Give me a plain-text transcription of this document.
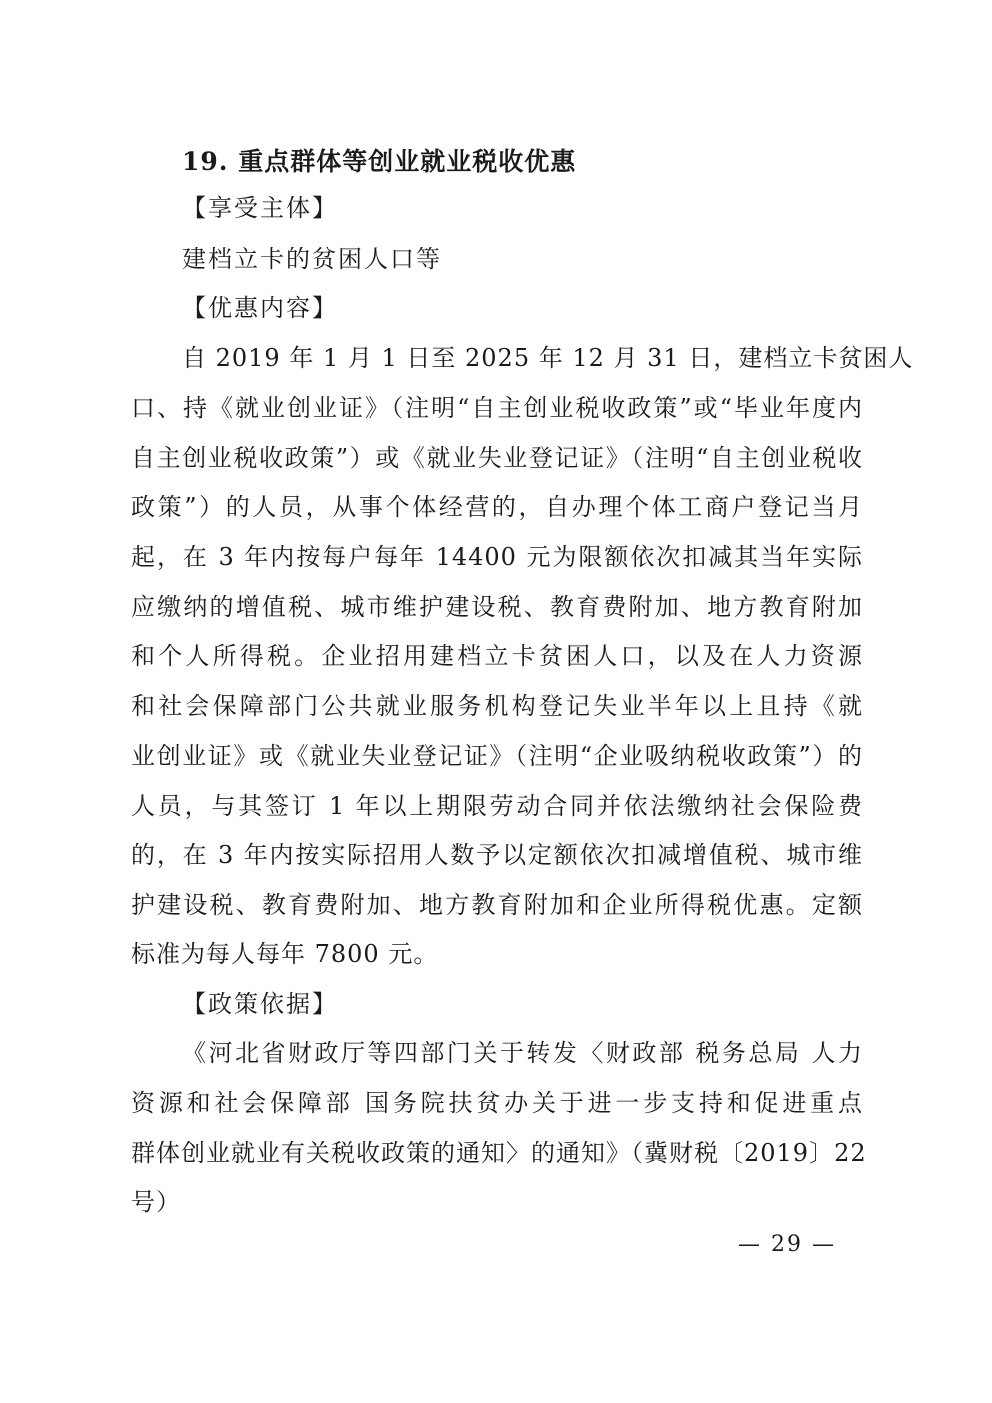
19. 重点群体等创业就业税收优惠
【享受主体】
建档立卡的贫困人口等
【优惠内容】
自 2019 年 1 月 1 日至 2025 年 12 月 31 日，建档立卡贫困人
口、持《就业创业证》（注明“自主创业税收政策”或“毕业年度内
自主创业税收政策”）或《就业失业登记证》（注明“自主创业税收
政策”）的人员，从事个体经营的，自办理个体工商户登记当月
起，在 3 年内按每户每年 14400 元为限额依次扣减其当年实际
应缴纳的增值税、城市维护建设税、教育费附加、地方教育附加
和个人所得税。企业招用建档立卡贫困人口，以及在人力资源
和社会保障部门公共就业服务机构登记失业半年以上且持《就
业创业证》或《就业失业登记证》（注明“企业吸纳税收政策”）的
人员，与其签订 1 年以上期限劳动合同并依法缴纳社会保险费
的，在 3 年内按实际招用人数予以定额依次扣减增值税、城市维
护建设税、教育费附加、地方教育附加和企业所得税优惠。定额
标准为每人每年 7800 元。
【政策依据】
《河北省财政厅等四部门关于转发〈财政部 税务总局 人力
资源和社会保障部 国务院扶贫办关于进一步支持和促进重点
群体创业就业有关税收政策的通知〉的通知》（冀财税〔2019〕22
号）
— 29 —
